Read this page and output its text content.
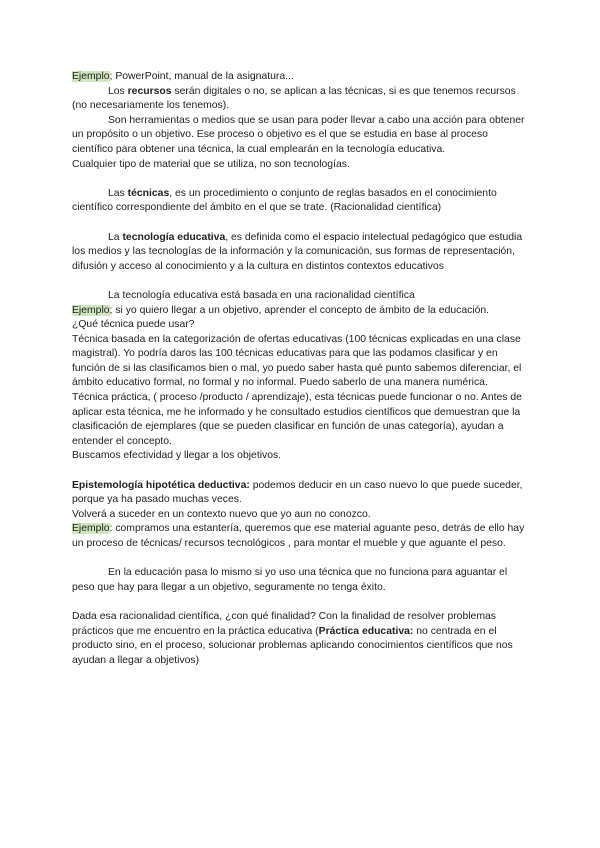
Ejemplo; PowerPoint, manual de la asignatura...

Los recursos serán digitales o no, se aplican a las técnicas, si es que tenemos recursos (no necesariamente los tenemos).

Son herramientas o medios que se usan para poder llevar a cabo una acción para obtener un propósito o un objetivo. Ese proceso o objetivo es el que se estudia en base al proceso científico para obtener una técnica, la cual emplearán en la tecnología educativa.

Cualquier tipo de material que se utiliza, no son tecnologías.

Las técnicas, es un procedimiento o conjunto de reglas basados en el conocimiento científico correspondiente del ámbito en el que se trate. (Racionalidad científica)

La tecnología educativa, es definida como el espacio intelectual pedagógico que estudia los medios y las tecnologías de la información y la comunicación, sus formas de representación, difusión y acceso al conocimiento y a la cultura en distintos contextos educativos

La tecnología educativa está basada en una racionalidad científica

Ejemplo; si yo quiero llegar a un objetivo, aprender el concepto de ámbito de la educación.

¿Qué técnica puede usar?

Técnica basada en la categorización de ofertas educativas (100 técnicas explicadas en una clase magistral). Yo podría daros las 100 técnicas educativas para que las podamos clasificar y en función de si las clasificamos bien o mal, yo puedo saber hasta qué punto sabemos diferenciar, el ámbito educativo formal, no formal y no informal. Puedo saberlo de una manera numérica.

Técnica práctica, ( proceso /producto / aprendizaje), esta técnicas puede funcionar o no. Antes de aplicar esta técnica, me he informado y he consultado estudios científicos que demuestran que la clasificación de ejemplares (que se pueden clasificar en función de unas categoría), ayudan a entender el concepto.

Buscamos efectividad y llegar a los objetivos.

Epistemología hipotética deductiva: podemos deducir en un caso nuevo lo que puede suceder, porque ya ha pasado muchas veces.

Volverá a suceder en un contexto nuevo que yo aun no conozco.

Ejemplo: compramos una estantería, queremos que ese material aguante peso, detrás de ello hay un proceso de técnicas/ recursos tecnológicos , para montar el mueble y que aguante el peso.

En la educación pasa lo mismo si yo uso una técnica que no funciona para aguantar el peso que hay para llegar a un objetivo, seguramente no tenga éxito.

Dada esa racionalidad científica, ¿con qué finalidad? Con la finalidad de resolver problemas prácticos que me encuentro en la práctica educativa (Práctica educativa: no centrada en el producto sino, en el proceso, solucionar problemas aplicando conocimientos científicos que nos ayudan a llegar a objetivos)
